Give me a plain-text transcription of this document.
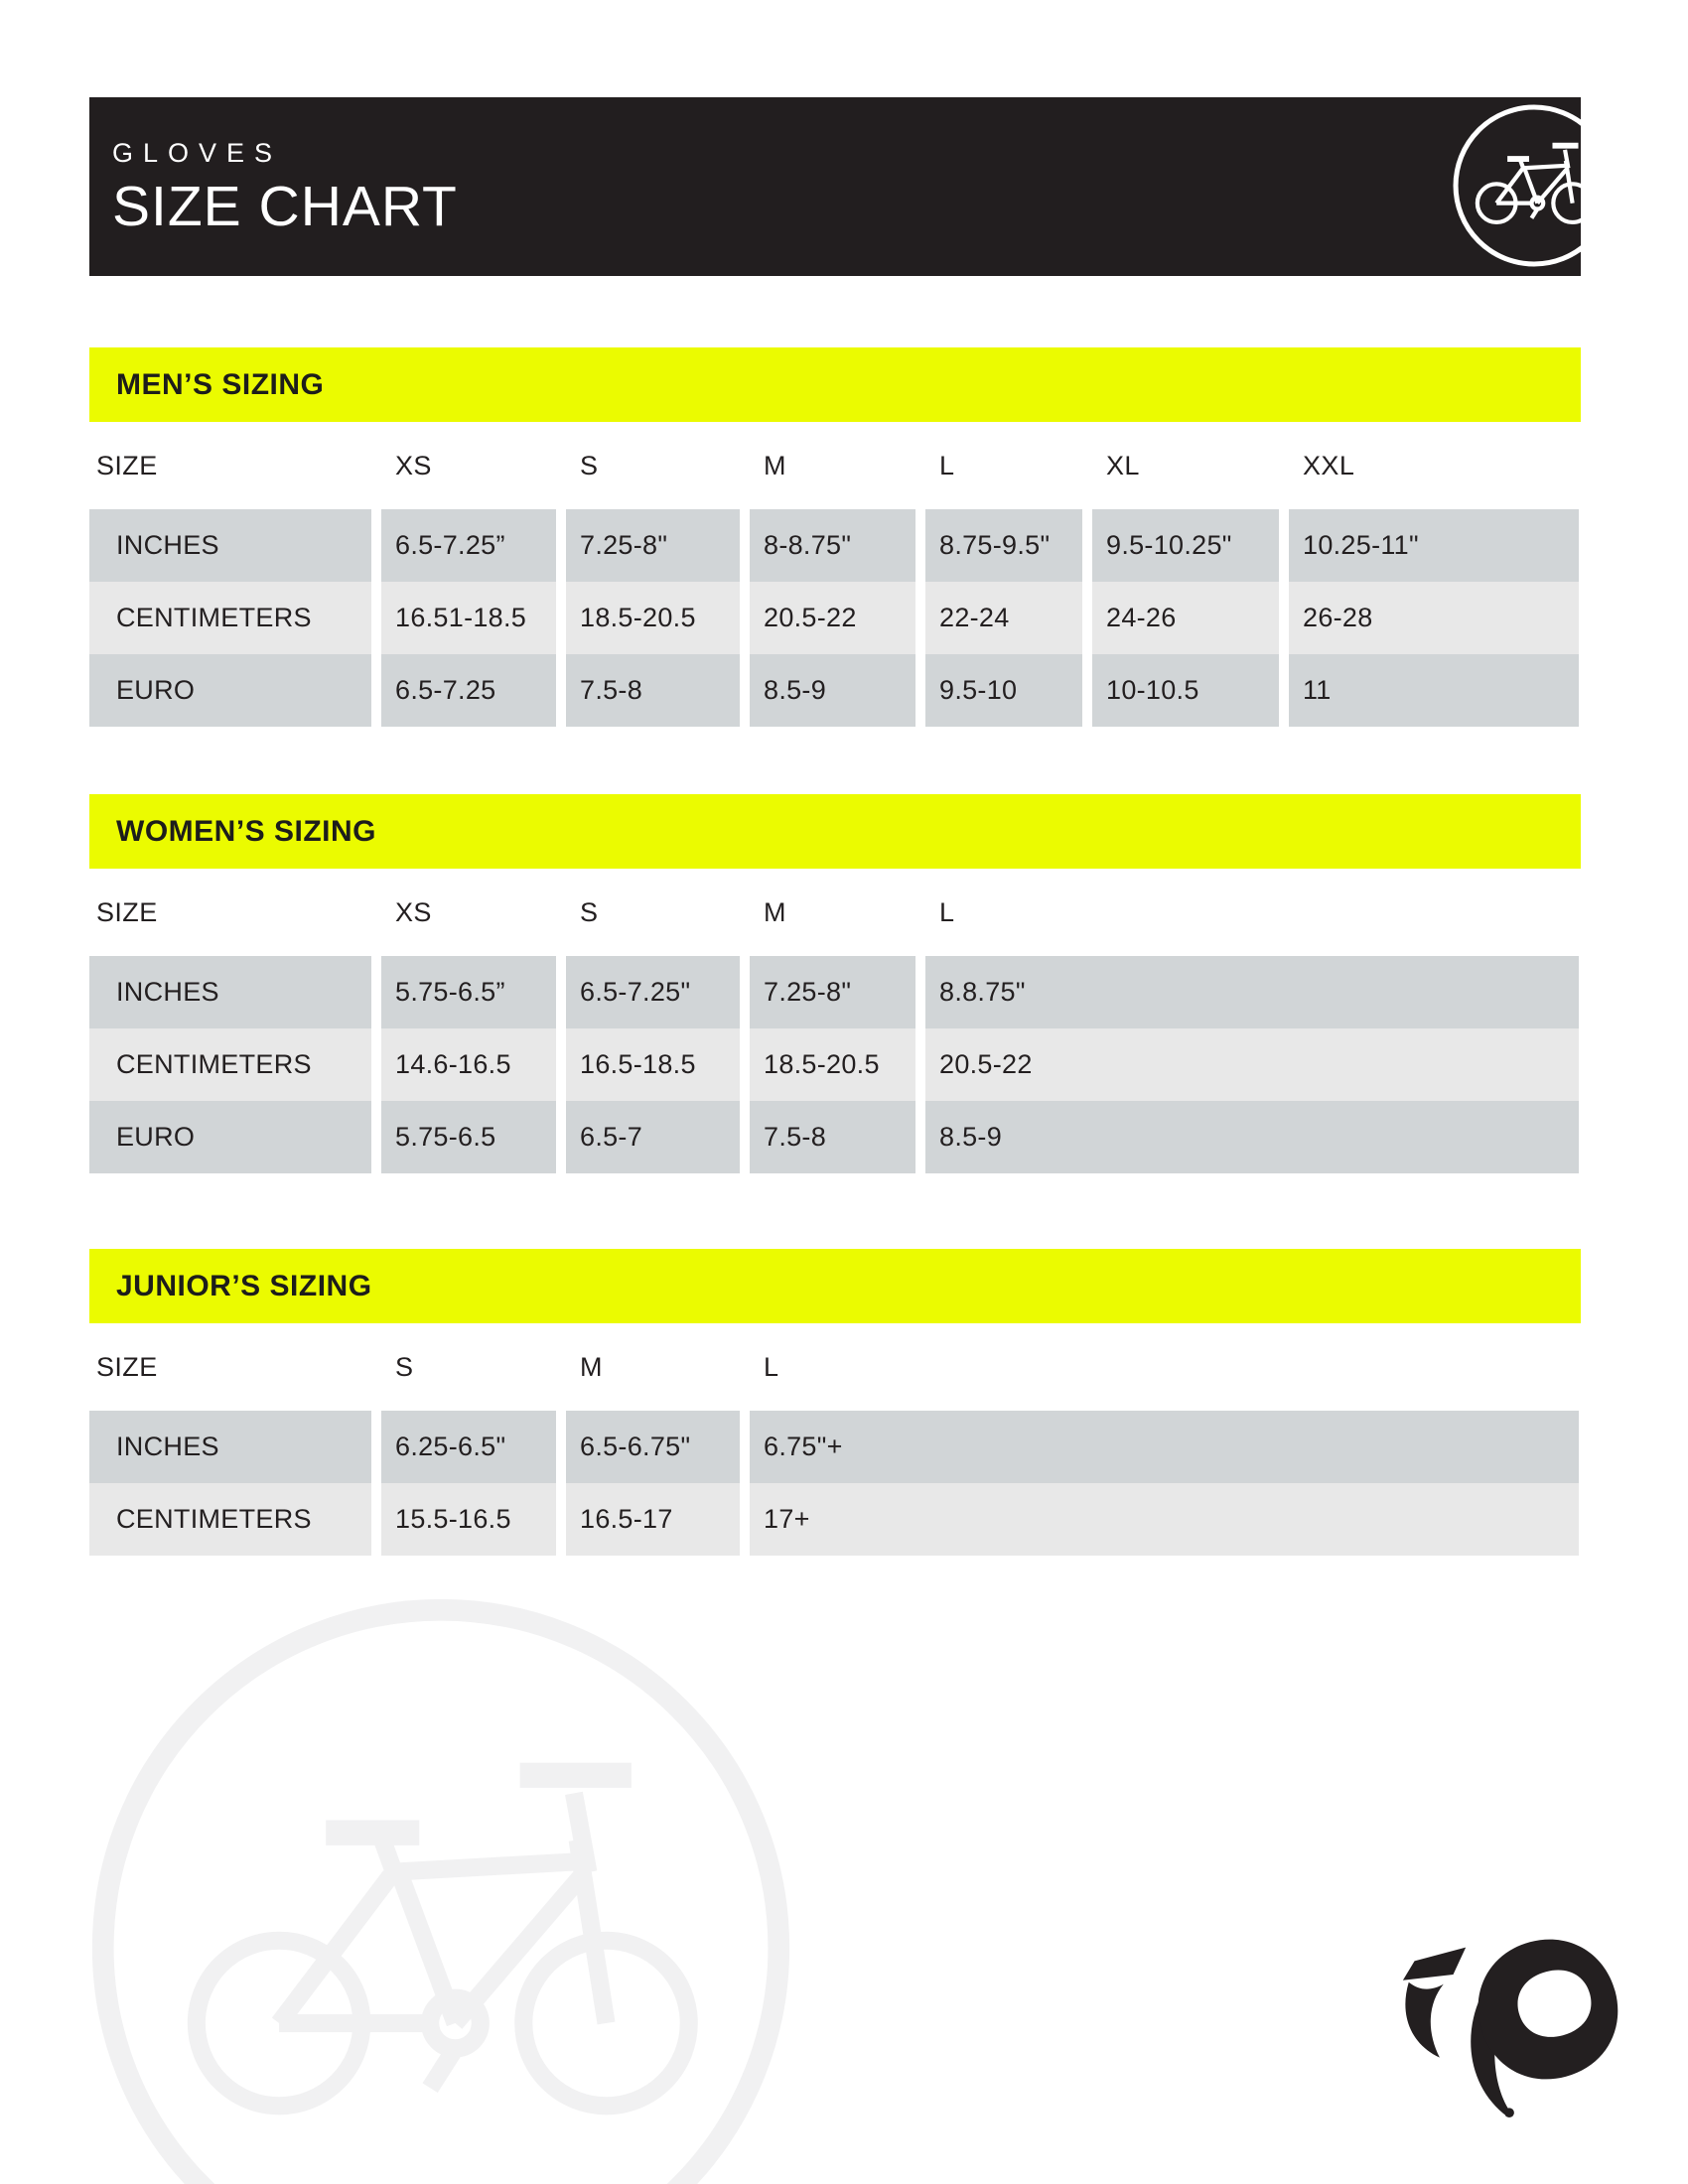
GLOVES
SIZE CHART
MEN’S SIZING
SIZE	XS	S	M	L	XL	XXL
INCHES	6.5-7.25”	7.25-8"	8-8.75"	8.75-9.5"	9.5-10.25"	10.25-11"
CENTIMETERS	16.51-18.5	18.5-20.5	20.5-22	22-24	24-26	26-28
EURO	6.5-7.25	7.5-8	8.5-9	9.5-10	10-10.5	11
WOMEN’S SIZING
SIZE	XS	S	M	L
INCHES	5.75-6.5”	6.5-7.25"	7.25-8"	8.8.75"
CENTIMETERS	14.6-16.5	16.5-18.5	18.5-20.5	20.5-22
EURO	5.75-6.5	6.5-7	7.5-8	8.5-9
JUNIOR’S SIZING
SIZE	S	M	L
INCHES	6.25-6.5"	6.5-6.75"	6.75"+
CENTIMETERS	15.5-16.5	16.5-17	17+
